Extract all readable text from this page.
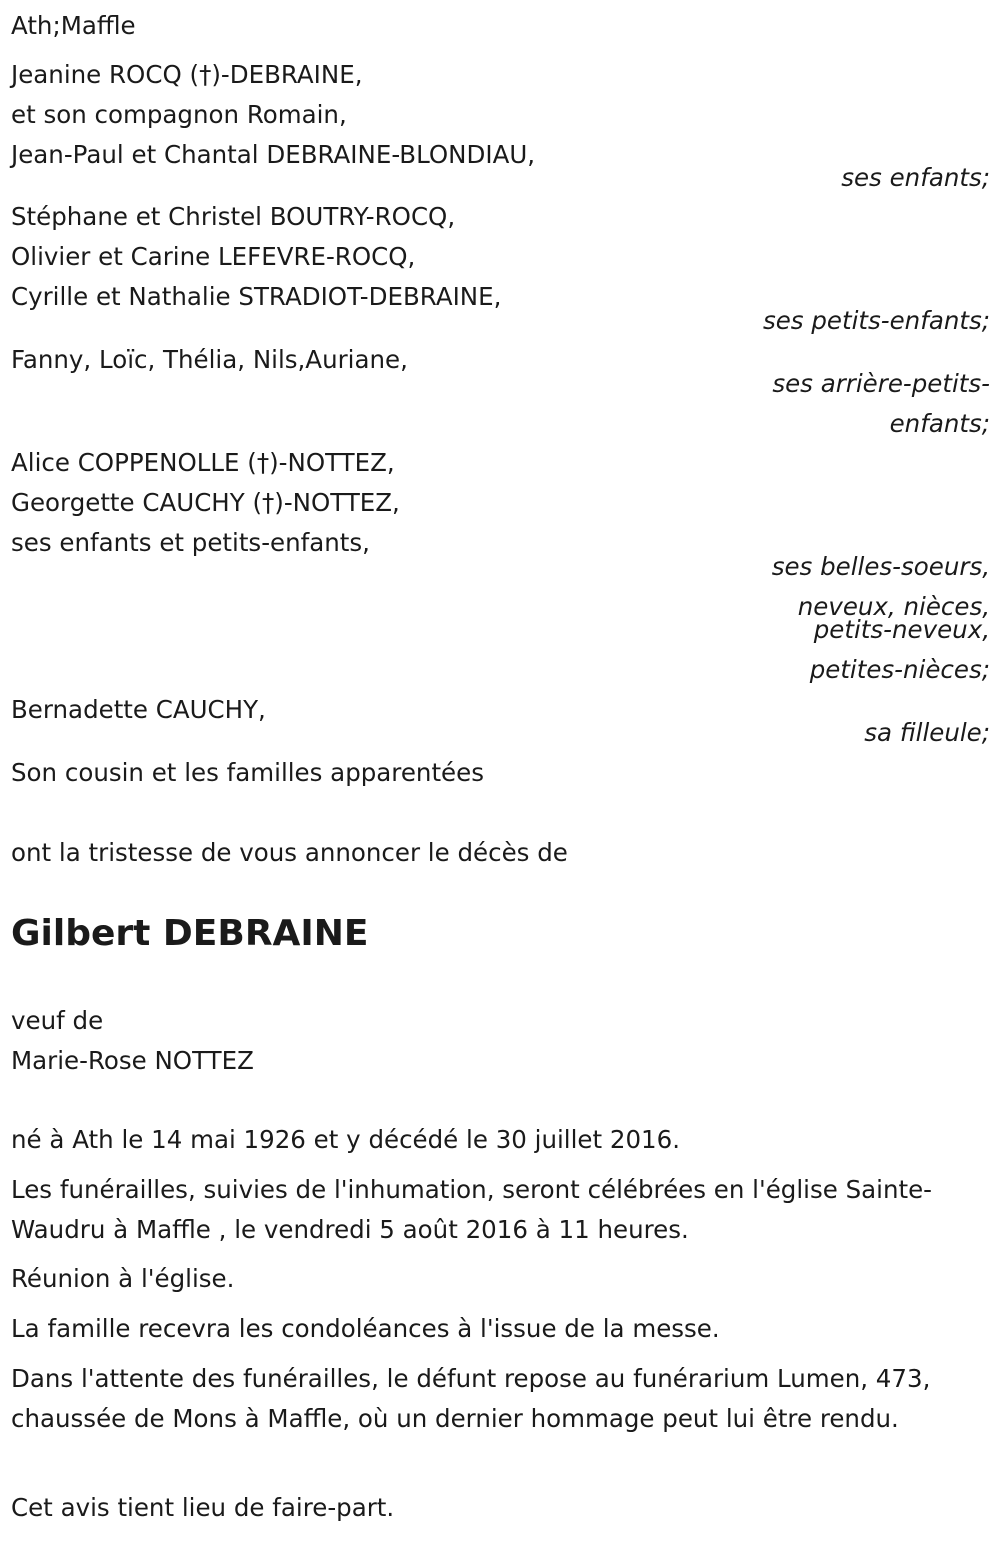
Ath;Maffle
Jeanine ROCQ (†)-DEBRAINE,
et son compagnon Romain,
Jean-Paul et Chantal DEBRAINE-BLONDIAU,
ses enfants;
Stéphane et Christel BOUTRY-ROCQ,
Olivier et Carine LEFEVRE-ROCQ,
Cyrille et Nathalie STRADIOT-DEBRAINE,
ses petits-enfants;
Fanny, Loïc, Thélia, Nils,Auriane,
ses arrière-petits-
enfants;
Alice COPPENOLLE (†)-NOTTEZ,
Georgette CAUCHY (†)-NOTTEZ,
ses enfants et petits-enfants,
ses belles-soeurs,
neveux, nièces,
petits-neveux,
petites-nièces;
Bernadette CAUCHY,
sa filleule;
Son cousin et les familles apparentées
ont la tristesse de vous annoncer le décès de
Gilbert DEBRAINE
veuf de
Marie-Rose NOTTEZ
né à Ath le 14 mai 1926 et y décédé le 30 juillet 2016.
Les funérailles, suivies de l'inhumation, seront célébrées en l'église Sainte-Waudru à Maffle , le vendredi 5 août 2016 à 11 heures.
Réunion à l'église.
La famille recevra les condoléances à l'issue de la messe.
Dans l'attente des funérailles, le défunt repose au funérarium Lumen, 473, chaussée de Mons à Maffle, où un dernier hommage peut lui être rendu.
Cet avis tient lieu de faire-part.
